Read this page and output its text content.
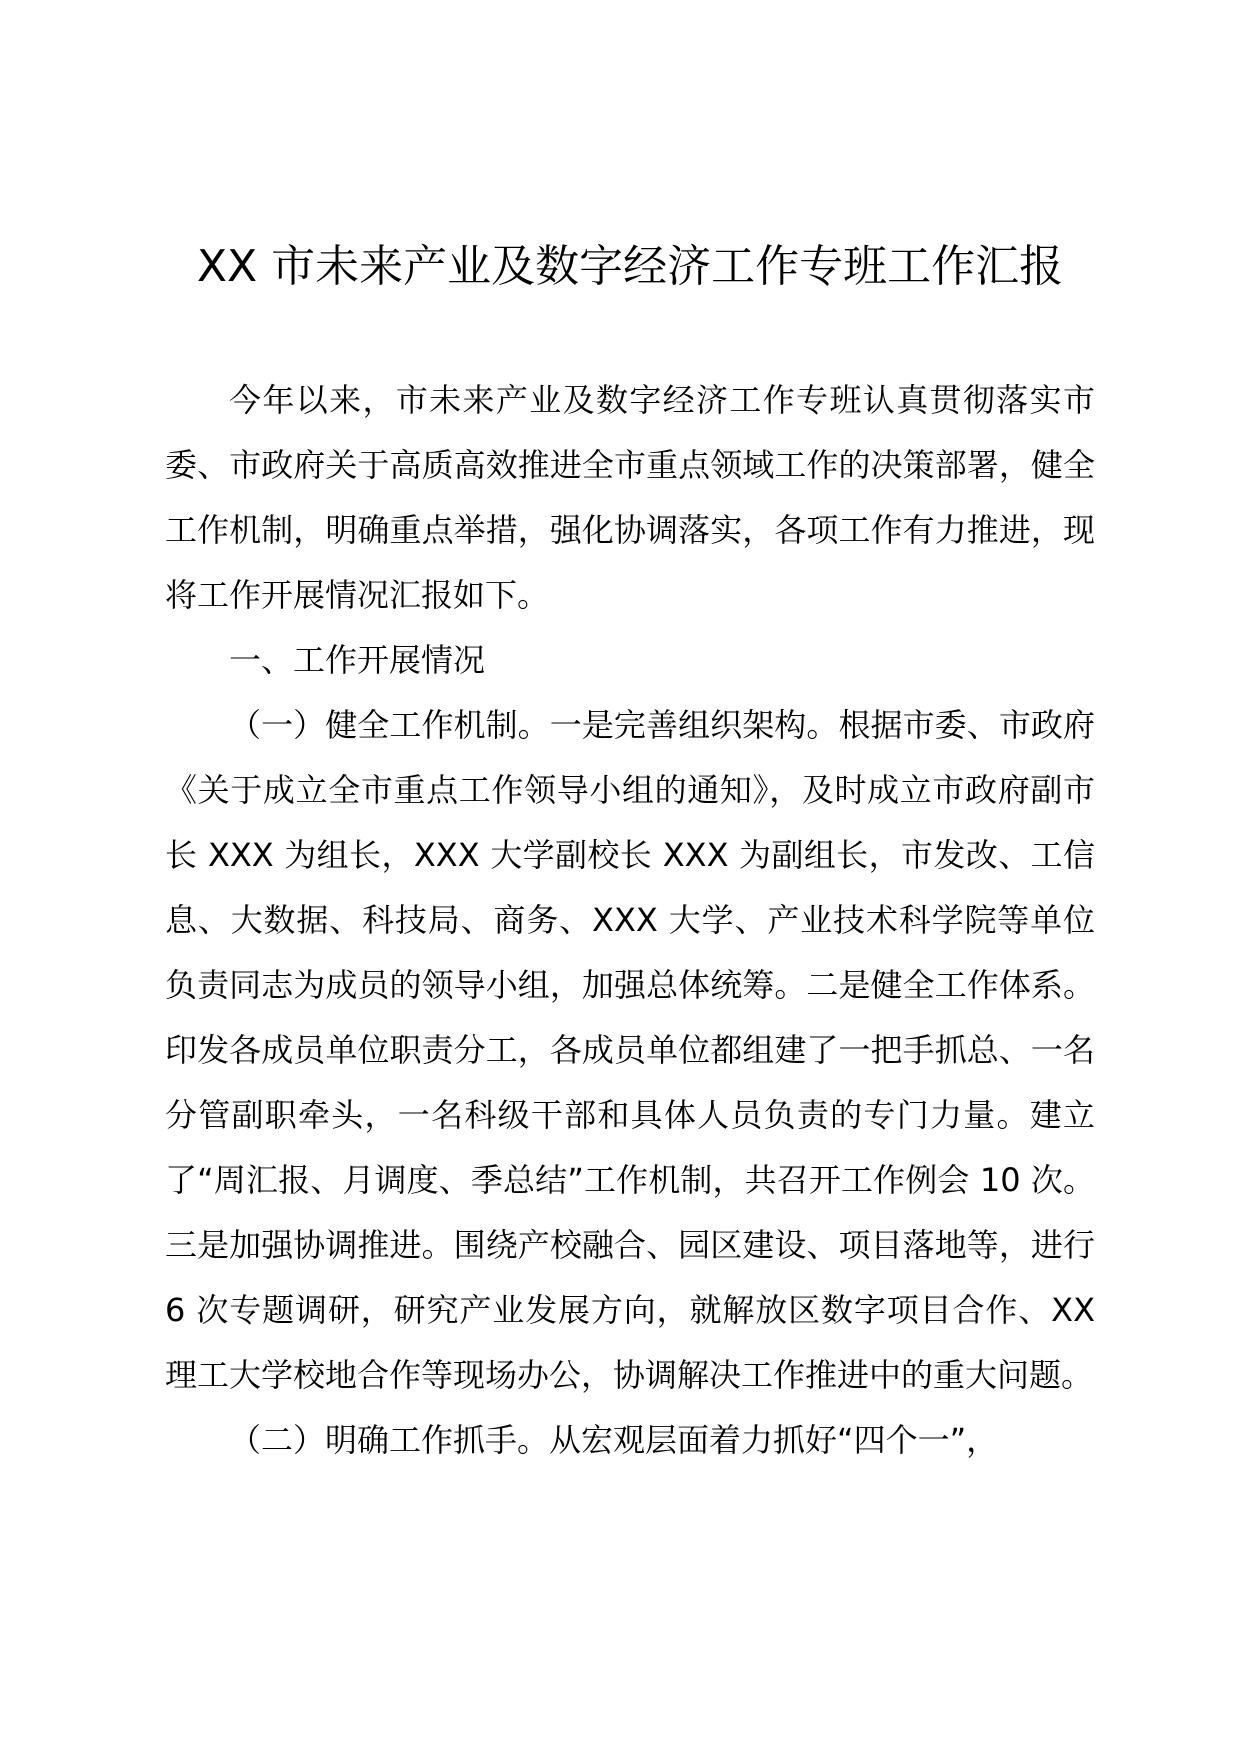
XX 市未来产业及数字经济工作专班工作汇报

今年以来，市未来产业及数字经济工作专班认真贯彻落实市委、市政府关于高质高效推进全市重点领域工作的决策部署，健全工作机制，明确重点举措，强化协调落实，各项工作有力推进，现将工作开展情况汇报如下。

一、工作开展情况

（一）健全工作机制。一是完善组织架构。根据市委、市政府《关于成立全市重点工作领导小组的通知》，及时成立市政府副市长 XXX 为组长，XXX 大学副校长 XXX 为副组长，市发改、工信息、大数据、科技局、商务、XXX 大学、产业技术科学院等单位负责同志为成员的领导小组，加强总体统筹。二是健全工作体系。印发各成员单位职责分工，各成员单位都组建了一把手抓总、一名分管副职牵头，一名科级干部和具体人员负责的专门力量。建立了“周汇报、月调度、季总结”工作机制，共召开工作例会 10 次。三是加强协调推进。围绕产校融合、园区建设、项目落地等，进行 6 次专题调研，研究产业发展方向，就解放区数字项目合作、XX 理工大学校地合作等现场办公，协调解决工作推进中的重大问题。

（二）明确工作抓手。从宏观层面着力抓好“四个一”，
